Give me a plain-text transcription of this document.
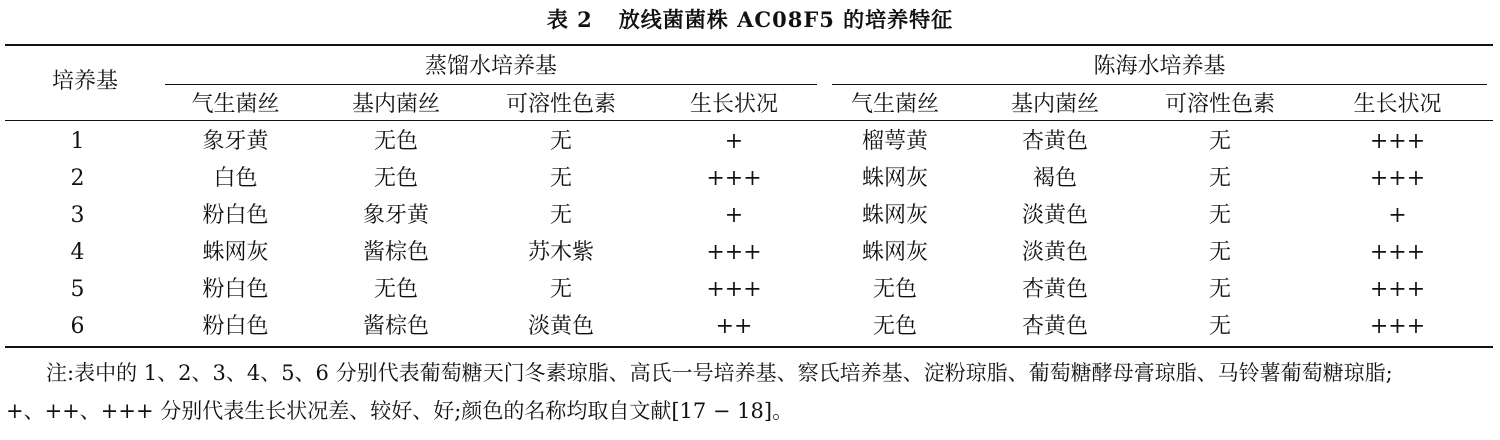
表 2 放线菌菌株 AC08F5 的培养特征
培养基
蒸馏水培养基	陈海水培养基
气生菌丝	基内菌丝	可溶性色素	生长状况	气生菌丝	基内菌丝	可溶性色素	生长状况
1	象牙黄	无色	无	+	榴萼黄	杏黄色	无	+++
2	白色	无色	无	+++	蛛网灰	褐色	无	+++
3	粉白色	象牙黄	无	+	蛛网灰	淡黄色	无	+
4	蛛网灰	酱棕色	苏木紫	+++	蛛网灰	淡黄色	无	+++
5	粉白色	无色	无	+++	无色	杏黄色	无	+++
6	粉白色	酱棕色	淡黄色	++	无色	杏黄色	无	+++
注:表中的 1、2、3、4、5、6 分别代表葡萄糖天门冬素琼脂、高氏一号培养基、察氏培养基、淀粉琼脂、葡萄糖酵母膏琼脂、马铃薯葡萄糖琼脂;
+、++、+++ 分别代表生长状况差、较好、好;颜色的名称均取自文献[17 − 18]。
